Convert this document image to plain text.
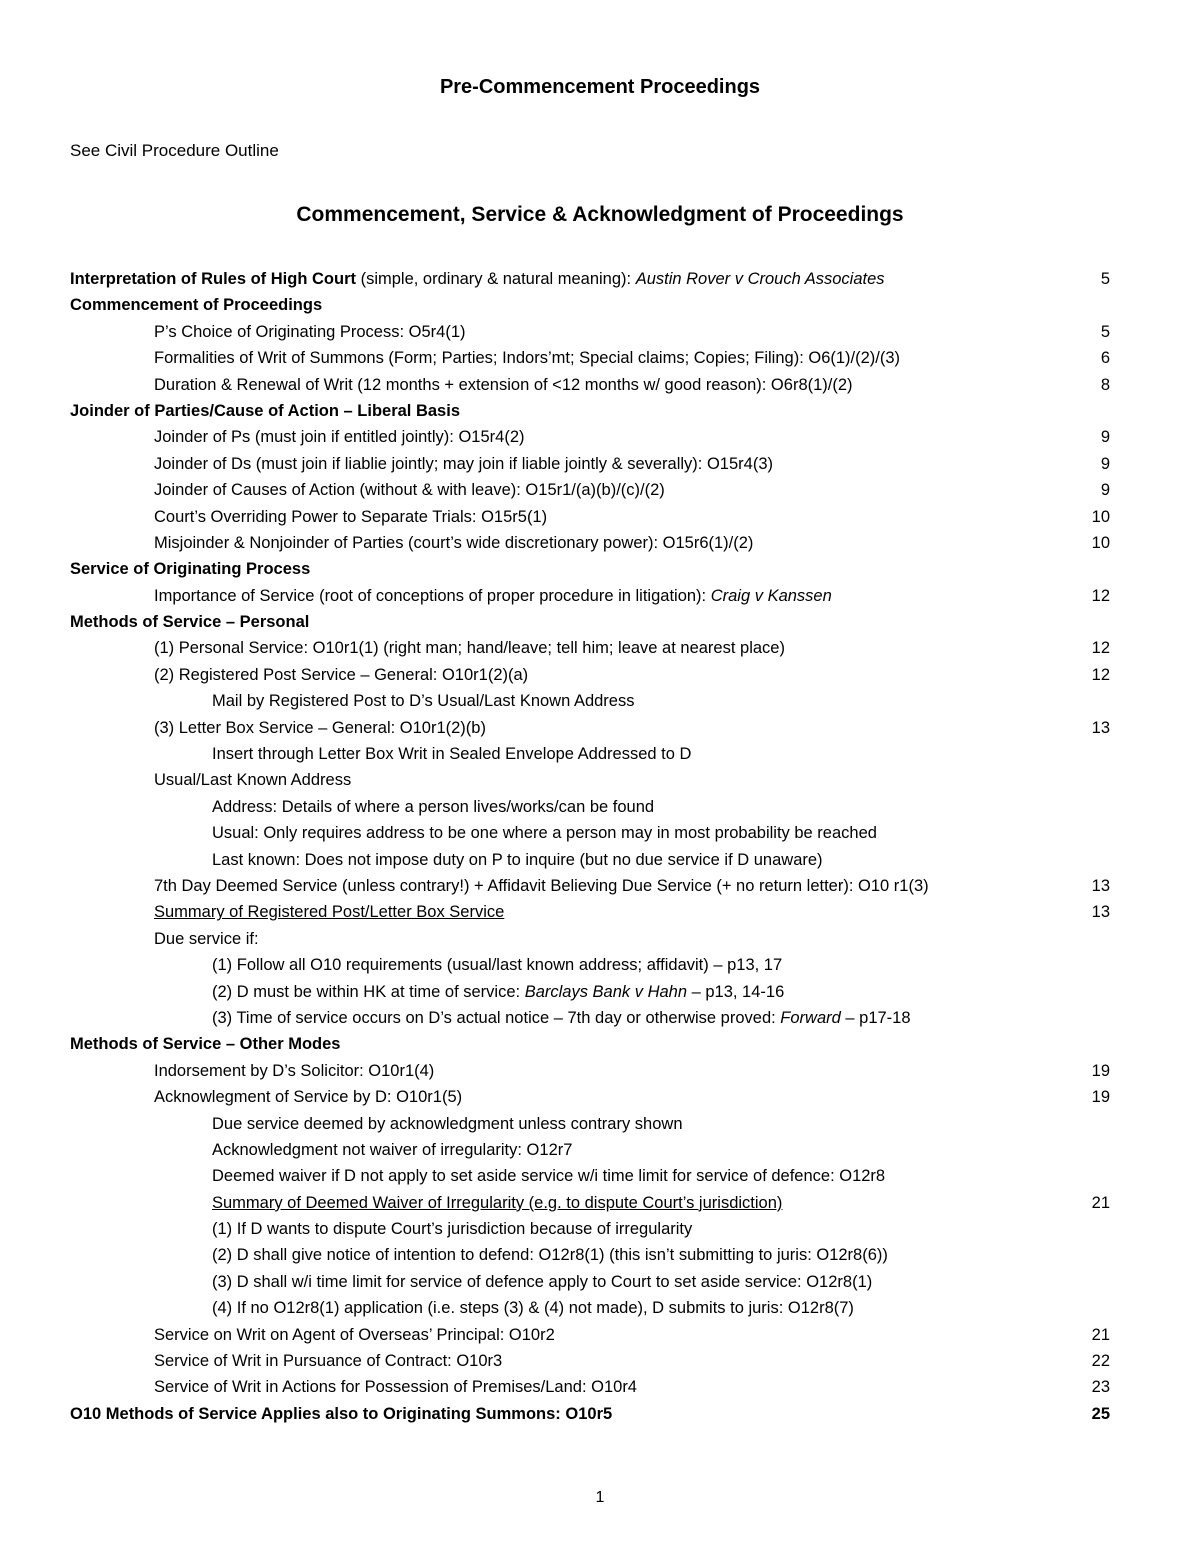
Pre-Commencement Proceedings
See Civil Procedure Outline
Commencement, Service & Acknowledgment of Proceedings
Interpretation of Rules of High Court (simple, ordinary & natural meaning): Austin Rover v Crouch Associates	5
Commencement of Proceedings
P’s Choice of Originating Process: O5r4(1)	5
Formalities of Writ of Summons (Form; Parties; Indors’mt; Special claims; Copies; Filing): O6(1)/(2)/(3)	6
Duration & Renewal of Writ (12 months + extension of <12 months w/ good reason): O6r8(1)/(2)	8
Joinder of Parties/Cause of Action – Liberal Basis
Joinder of Ps (must join if entitled jointly): O15r4(2)	9
Joinder of Ds (must join if liablie jointly; may join if liable jointly & severally): O15r4(3)	9
Joinder of Causes of Action (without & with leave): O15r1/(a)(b)/(c)/(2)	9
Court’s Overriding Power to Separate Trials: O15r5(1)	10
Misjoinder & Nonjoinder of Parties (court’s wide discretionary power): O15r6(1)/(2)	10
Service of Originating Process
Importance of Service (root of conceptions of proper procedure in litigation): Craig v Kanssen	12
Methods of Service – Personal
(1) Personal Service: O10r1(1) (right man; hand/leave; tell him; leave at nearest place)	12
(2) Registered Post Service – General: O10r1(2)(a)	12
Mail by Registered Post to D’s Usual/Last Known Address
(3) Letter Box Service – General: O10r1(2)(b)	13
Insert through Letter Box Writ in Sealed Envelope Addressed to D
Usual/Last Known Address
Address: Details of where a person lives/works/can be found
Usual: Only requires address to be one where a person may in most probability be reached
Last known: Does not impose duty on P to inquire (but no due service if D unaware)
7th Day Deemed Service (unless contrary!) + Affidavit Believing Due Service (+ no return letter): O10 r1(3)	13
Summary of Registered Post/Letter Box Service	13
Due service if:
(1) Follow all O10 requirements (usual/last known address; affidavit) – p13, 17
(2) D must be within HK at time of service: Barclays Bank v Hahn – p13, 14-16
(3) Time of service occurs on D’s actual notice – 7th day or otherwise proved: Forward – p17-18
Methods of Service – Other Modes
Indorsement by D’s Solicitor: O10r1(4)	19
Acknowlegment of Service by D: O10r1(5)	19
Due service deemed by acknowledgment unless contrary shown
Acknowledgment not waiver of irregularity: O12r7
Deemed waiver if D not apply to set aside service w/i time limit for service of defence: O12r8
Summary of Deemed Waiver of Irregularity (e.g. to dispute Court’s jurisdiction)	21
(1) If D wants to dispute Court’s jurisdiction because of irregularity
(2) D shall give notice of intention to defend: O12r8(1) (this isn’t submitting to juris: O12r8(6))
(3) D shall w/i time limit for service of defence apply to Court to set aside service: O12r8(1)
(4) If no O12r8(1) application (i.e. steps (3) & (4) not made), D submits to juris: O12r8(7)
Service on Writ on Agent of Overseas’ Principal: O10r2	21
Service of Writ in Pursuance of Contract: O10r3	22
Service of Writ in Actions for Possession of Premises/Land: O10r4	23
O10 Methods of Service Applies also to Originating Summons: O10r5	25
1
